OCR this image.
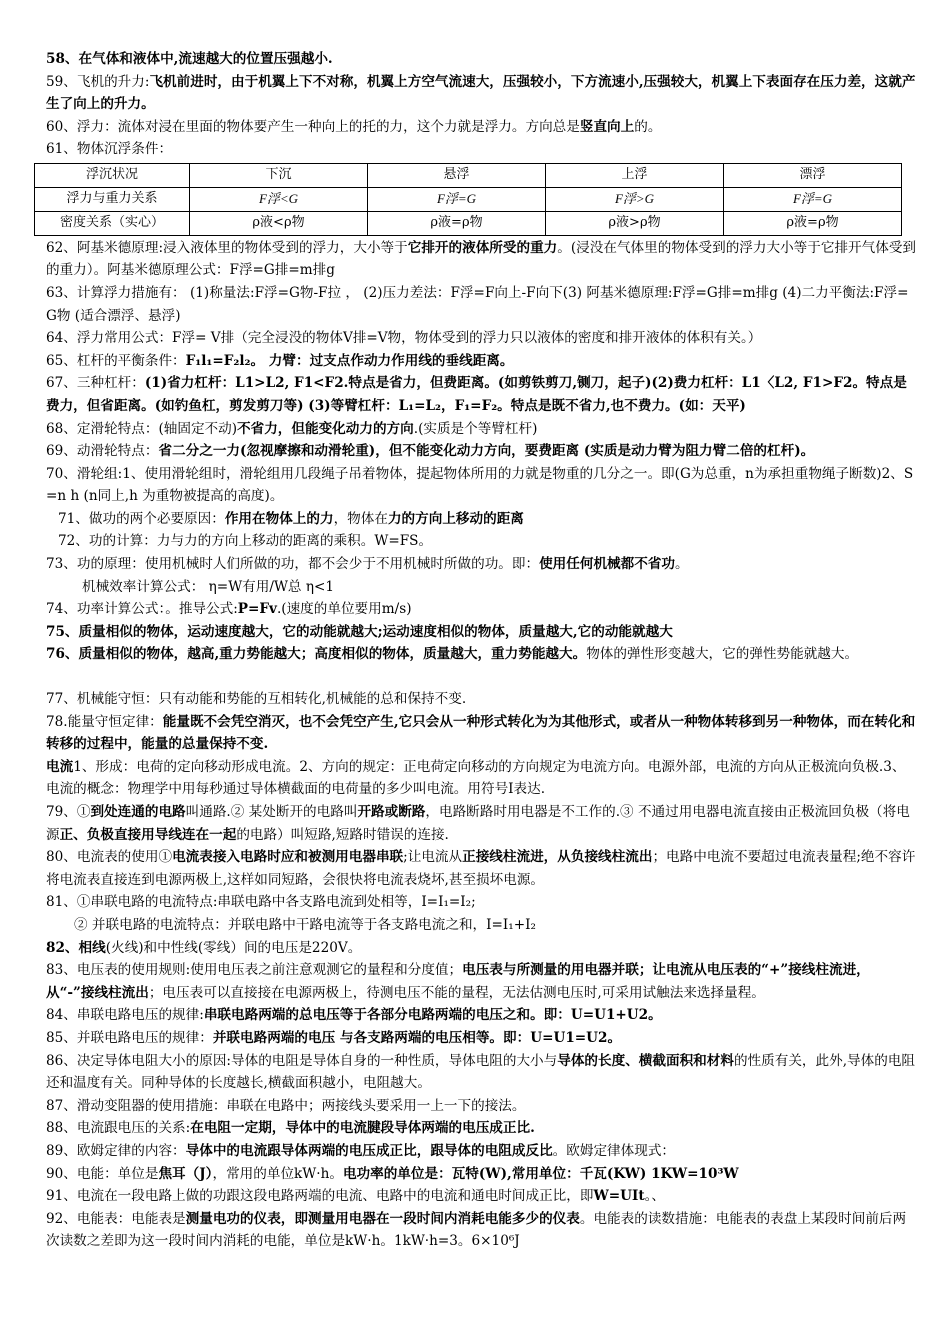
58、在气体和液体中,流速越大的位置压强越小.
59、飞机的升力:飞机前进时，由于机翼上下不对称，机翼上方空气流速大，压强较小，下方流速小,压强较大，机翼上下表面存在压力差，这就产生了向上的升力。
60、浮力：流体对浸在里面的物体要产生一种向上的托的力，这个力就是浮力。方向总是竖直向上的。
61、物体沉浮条件：
浮沉状况	下沉	悬浮	上浮	漂浮
浮力与重力关系	F浮<G	F浮=G	F浮>G	F浮=G
密度关系（实心）	ρ液<ρ物	ρ液=ρ物	ρ液>ρ物	ρ液=ρ物
62、阿基米德原理:浸入液体里的物体受到的浮力，大小等于它排开的液体所受的重力。(浸没在气体里的物体受到的浮力大小等于它排开气体受到的重力）。阿基米德原理公式：F浮=G排=m排g
63、计算浮力措施有： (1)称量法:F浮=G物-F拉 ， (2)压力差法：F浮=F向上-F向下(3) 阿基米德原理:F浮=G排=m排g (4)二力平衡法:F浮=G物 (适合漂浮、悬浮)
64、浮力常用公式：F浮= V排（完全浸没的物体V排=V物，物体受到的浮力只以液体的密度和排开液体的体积有关。）
65、杠杆的平衡条件：F₁l₁=F₂l₂。 力臂：过支点作动力作用线的垂线距离。
67、三种杠杆：(1)省力杠杆：L1>L2, F1<F2.特点是省力，但费距离。(如剪铁剪刀,铡刀，起子)(2)费力杠杆：L1〈L2, F1>F2。特点是费力，但省距离。(如钓鱼杠，剪发剪刀等) (3)等臂杠杆：L₁=L₂，F₁=F₂。特点是既不省力,也不费力。(如：天平)
68、定滑轮特点：(轴固定不动)不省力，但能变化动力的方向.(实质是个等臂杠杆)
69、动滑轮特点：省二分之一力(忽视摩擦和动滑轮重)，但不能变化动力方向，要费距离 (实质是动力臂为阻力臂二倍的杠杆)。
70、滑轮组:1、使用滑轮组时，滑轮组用几段绳子吊着物体，提起物体所用的力就是物重的几分之一。即(G为总重，n为承担重物绳子断数)2、S=n h (n同上,h 为重物被提高的高度)。
71、做功的两个必要原因：作用在物体上的力，物体在力的方向上移动的距离
72、功的计算：力与力的方向上移动的距离的乘积。W=FS。
73、功的原理：使用机械时人们所做的功，都不会少于不用机械时所做的功。即：使用任何机械都不省功。
机械效率计算公式： η=W有用/W总 η<1
74、功率计算公式：。推导公式:P=Fv.(速度的单位要用m/s)
75、质量相似的物体，运动速度越大，它的动能就越大;运动速度相似的物体，质量越大,它的动能就越大
76、质量相似的物体，越高,重力势能越大；高度相似的物体，质量越大，重力势能越大。物体的弹性形变越大，它的弹性势能就越大。
77、机械能守恒：只有动能和势能的互相转化,机械能的总和保持不变.
78.能量守恒定律：能量既不会凭空消灭，也不会凭空产生,它只会从一种形式转化为为其他形式，或者从一种物体转移到另一种物体，而在转化和转移的过程中，能量的总量保持不变.
电流1、形成：电荷的定向移动形成电流。2、方向的规定：正电荷定向移动的方向规定为电流方向。电源外部，电流的方向从正极流向负极.3、电流的概念：物理学中用每秒通过导体横截面的电荷量的多少叫电流。用符号I表达.
79、①到处连通的电路叫通路.② 某处断开的电路叫开路或断路，电路断路时用电器是不工作的.③ 不通过用电器电流直接由正极流回负极（将电源正、负极直接用导线连在一起的电路）叫短路,短路时错误的连接.
80、电流表的使用①电流表接入电路时应和被测用电器串联;让电流从正接线柱流进，从负接线柱流出；电路中电流不要超过电流表量程;绝不容许将电流表直接连到电源两极上,这样如同短路，会很快将电流表烧坏,甚至损坏电源。
81、①串联电路的电流特点:串联电路中各支路电流到处相等，I=I₁=I₂;
② 并联电路的电流特点：并联电路中干路电流等于各支路电流之和，I=I₁+I₂
82、相线(火线)和中性线(零线）间的电压是220V。
83、电压表的使用规则:使用电压表之前注意观测它的量程和分度值；电压表与所测量的用电器并联；让电流从电压表的“+”接线柱流进，从“-”接线柱流出；电压表可以直接接在电源两极上，待测电压不能的量程，无法估测电压时,可采用试触法来选择量程。
84、串联电路电压的规律:串联电路两端的总电压等于各部分电路两端的电压之和。即：U=U1+U2。
85、并联电路电压的规律：并联电路两端的电压 与各支路两端的电压相等。即：U=U1=U2。
86、决定导体电阻大小的原因:导体的电阻是导体自身的一种性质，导体电阻的大小与导体的长度、横截面积和材料的性质有关，此外,导体的电阻还和温度有关。同种导体的长度越长,横截面积越小，电阻越大。
87、滑动变阻器的使用措施：串联在电路中；两接线头要采用一上一下的接法。
88、电流跟电压的关系:在电阻一定期，导体中的电流腱段导体两端的电压成正比.
89、欧姆定律的内容：导体中的电流跟导体两端的电压成正比，跟导体的电阻成反比。欧姆定律体现式：
90、电能：单位是焦耳（J），常用的单位kW·h。电功率的单位是：瓦特(W),常用单位：千瓦(KW) 1KW=10³W
91、电流在一段电路上做的功跟这段电路两端的电流、电路中的电流和通电时间成正比，即W=UIt。、
92、电能表：电能表是测量电功的仪表，即测量用电器在一段时间内消耗电能多少的仪表。电能表的读数措施：电能表的表盘上某段时间前后两次读数之差即为这一段时间内消耗的电能，单位是kW·h。1kW·h=3。6×10⁶J
